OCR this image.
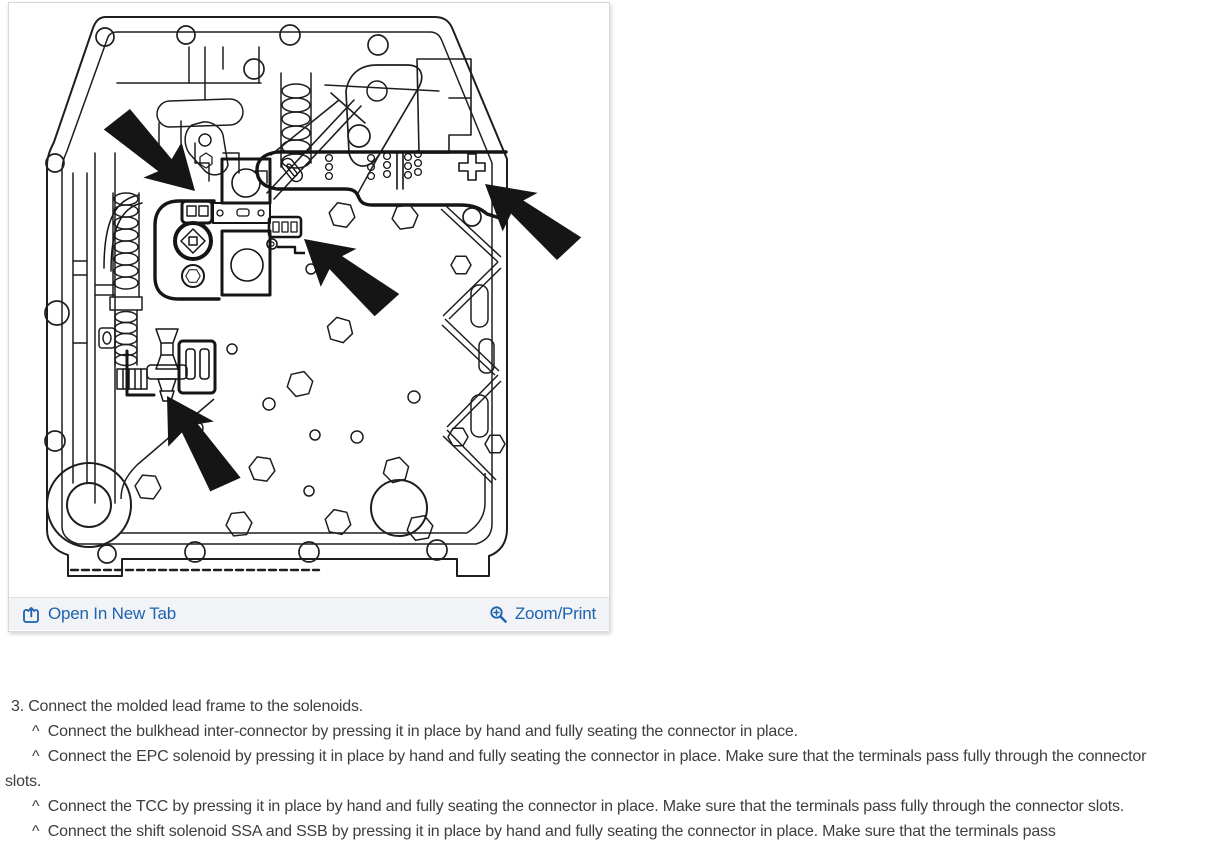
Open In New Tab	Zoom/Print

3. Connect the molded lead frame to the solenoids.

^  Connect the bulkhead inter-connector by pressing it in place by hand and fully seating the connector in place.

^  Connect the EPC solenoid by pressing it in place by hand and fully seating the connector in place. Make sure that the terminals pass fully through the connector slots.

^  Connect the TCC by pressing it in place by hand and fully seating the connector in place. Make sure that the terminals pass fully through the connector slots.

^  Connect the shift solenoid SSA and SSB by pressing it in place by hand and fully seating the connector in place. Make sure that the terminals pass
